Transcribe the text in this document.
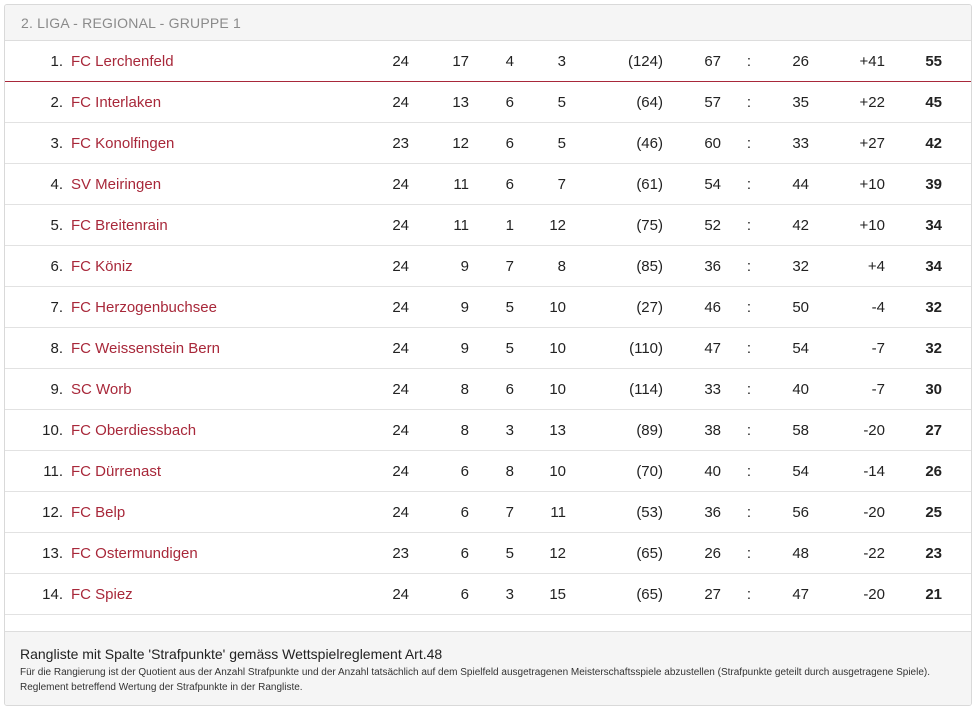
2. LIGA - REGIONAL - GRUPPE 1
1.	FC Lerchenfeld	24	17	4	3	(124)	67	:	26	+41	55	
2.	FC Interlaken	24	13	6	5	(64)	57	:	35	+22	45	
3.	FC Konolfingen	23	12	6	5	(46)	60	:	33	+27	42	
4.	SV Meiringen	24	11	6	7	(61)	54	:	44	+10	39	
5.	FC Breitenrain	24	11	1	12	(75)	52	:	42	+10	34	
6.	FC Köniz	24	9	7	8	(85)	36	:	32	+4	34	
7.	FC Herzogenbuchsee	24	9	5	10	(27)	46	:	50	-4	32	
8.	FC Weissenstein Bern	24	9	5	10	(110)	47	:	54	-7	32	
9.	SC Worb	24	8	6	10	(114)	33	:	40	-7	30	
10.	FC Oberdiessbach	24	8	3	13	(89)	38	:	58	-20	27	
11.	FC Dürrenast	24	6	8	10	(70)	40	:	54	-14	26	
12.	FC Belp	24	6	7	11	(53)	36	:	56	-20	25	
13.	FC Ostermundigen	23	6	5	12	(65)	26	:	48	-22	23	
14.	FC Spiez	24	6	3	15	(65)	27	:	47	-20	21	
Rangliste mit Spalte 'Strafpunkte' gemäss Wettspielreglement Art.48
Für die Rangierung ist der Quotient aus der Anzahl Strafpunkte und der Anzahl tatsächlich auf dem Spielfeld ausgetragenen Meisterschaftsspiele abzustellen (Strafpunkte geteilt durch ausgetragene Spiele). Reglement betreffend Wertung der Strafpunkte in der Rangliste.
